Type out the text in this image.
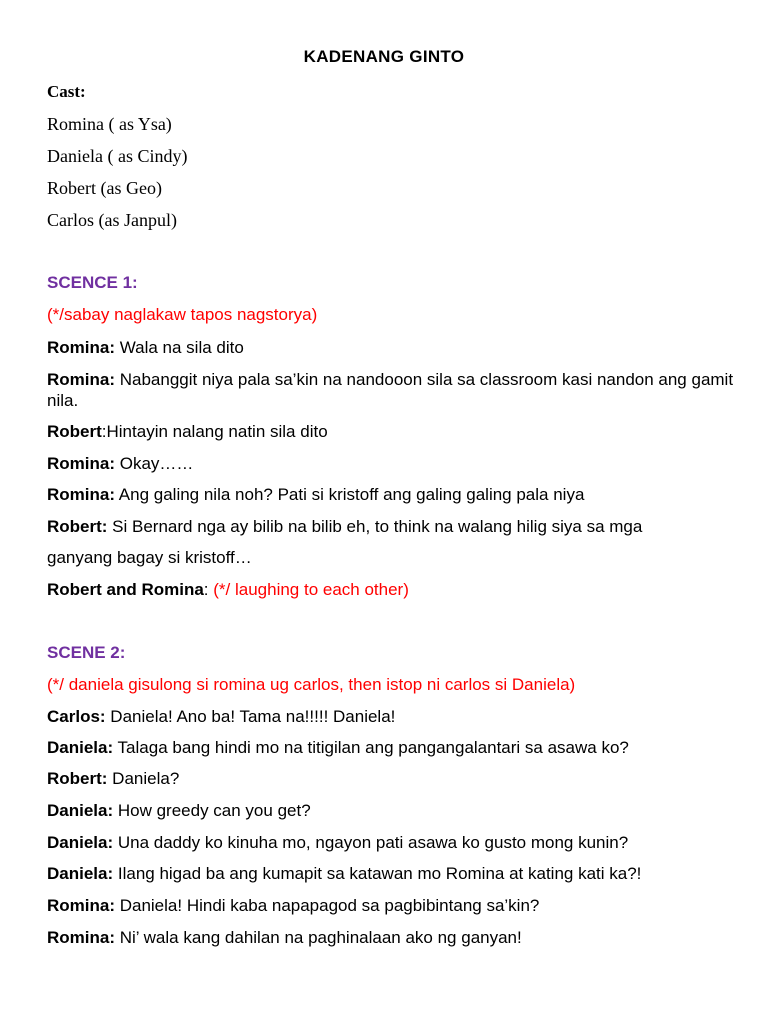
KADENANG GINTO
Cast:
Romina ( as Ysa)
Daniela ( as Cindy)
Robert (as Geo)
Carlos (as Janpul)
SCENCE 1:
(*/sabay naglakaw tapos nagstorya)
Romina: Wala na sila dito
Romina: Nabanggit niya pala sa’kin na nandooon sila sa classroom kasi nandon ang gamit nila.
Robert:Hintayin nalang natin sila dito
Romina: Okay……
Romina: Ang galing nila noh? Pati si kristoff ang galing galing pala niya
Robert: Si Bernard nga ay bilib na bilib eh, to think na walang hilig siya sa mga
ganyang bagay si kristoff…
Robert and Romina: (*/ laughing to each other)
SCENE 2:
(*/ daniela gisulong si romina ug carlos, then istop ni carlos si Daniela)
Carlos: Daniela! Ano ba! Tama na!!!!! Daniela!
Daniela: Talaga bang hindi mo na titigilan ang pangangalantari sa asawa ko?
Robert: Daniela?
Daniela: How greedy can you get?
Daniela: Una daddy ko kinuha mo, ngayon pati asawa ko gusto mong kunin?
Daniela: Ilang higad ba ang kumapit sa katawan mo Romina at kating kati ka?!
Romina: Daniela! Hindi kaba napapagod sa pagbibintang sa’kin?
Romina: Ni’ wala kang dahilan na paghinalaan ako ng ganyan!
